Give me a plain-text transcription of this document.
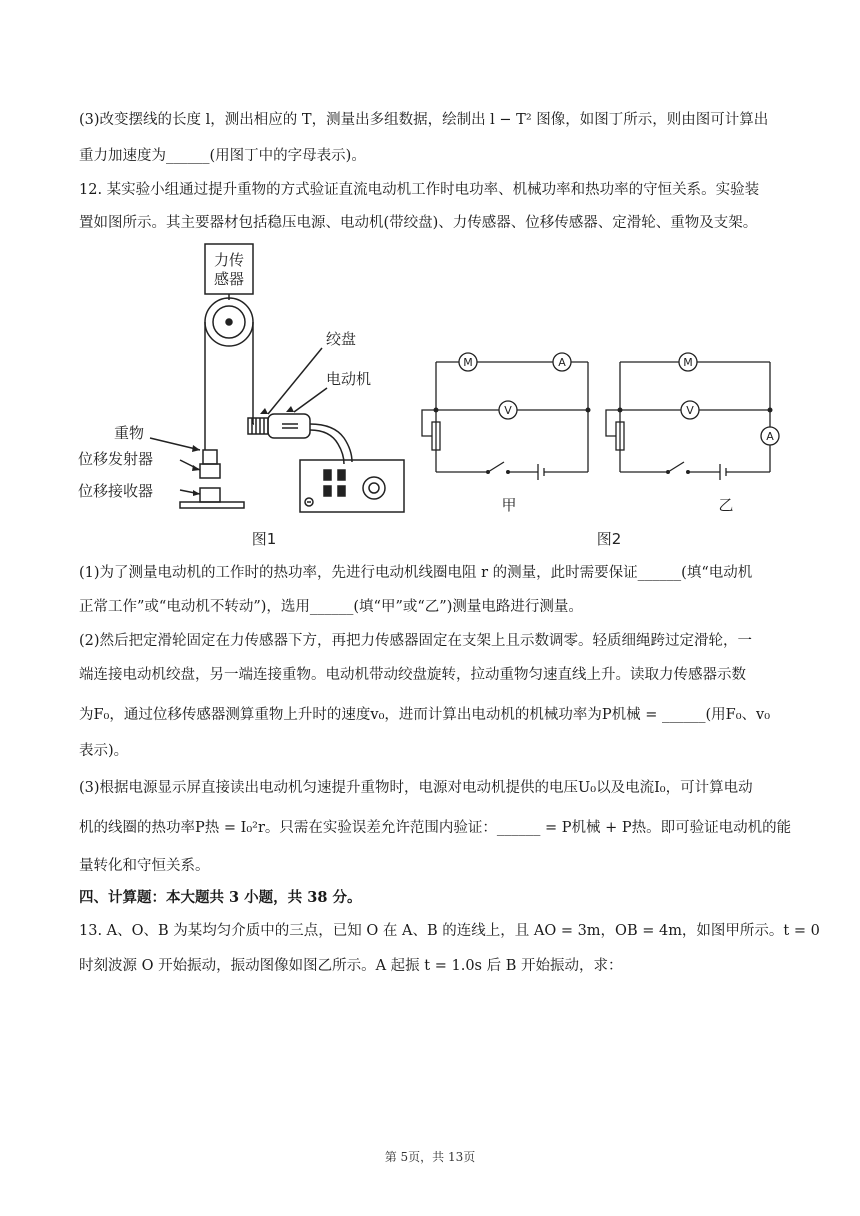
(3)改变摆线的长度 l，测出相应的 T，测量出多组数据，绘制出 l − T² 图像，如图丁所示，则由图可计算出
重力加速度为______(用图丁中的字母表示)。
12. 某实验小组通过提升重物的方式验证直流电动机工作时电功率、机械功率和热功率的守恒关系。实验装
置如图所示。其主要器材包括稳压电源、电动机(带绞盘)、力传感器、位移传感器、定滑轮、重物及支架。
力传
感器
绞盘
电动机
重物
位移发射器
位移接收器
图1	图2
甲	乙
M	A
V
M
V
A
(1)为了测量电动机的工作时的热功率，先进行电动机线圈电阻 r 的测量，此时需要保证______(填“电动机
正常工作”或“电动机不转动”)，选用______(填“甲”或“乙”)测量电路进行测量。
(2)然后把定滑轮固定在力传感器下方，再把力传感器固定在支架上且示数调零。轻质细绳跨过定滑轮，一
端连接电动机绞盘，另一端连接重物。电动机带动绞盘旋转，拉动重物匀速直线上升。读取力传感器示数
为F₀，通过位移传感器测算重物上升时的速度v₀，进而计算出电动机的机械功率为P机械 = ______(用F₀、v₀
表示)。
(3)根据电源显示屏直接读出电动机匀速提升重物时，电源对电动机提供的电压U₀以及电流I₀，可计算电动
机的线圈的热功率P热 = I₀²r。只需在实验误差允许范围内验证：______ = P机械 + P热。即可验证电动机的能
量转化和守恒关系。
四、计算题：本大题共 3 小题，共 38 分。
13. A、O、B 为某均匀介质中的三点，已知 O 在 A、B 的连线上，且 AO = 3m，OB = 4m，如图甲所示。t = 0
时刻波源 O 开始振动，振动图像如图乙所示。A 起振 t = 1.0s 后 B 开始振动，求：
第 5页，共 13页
